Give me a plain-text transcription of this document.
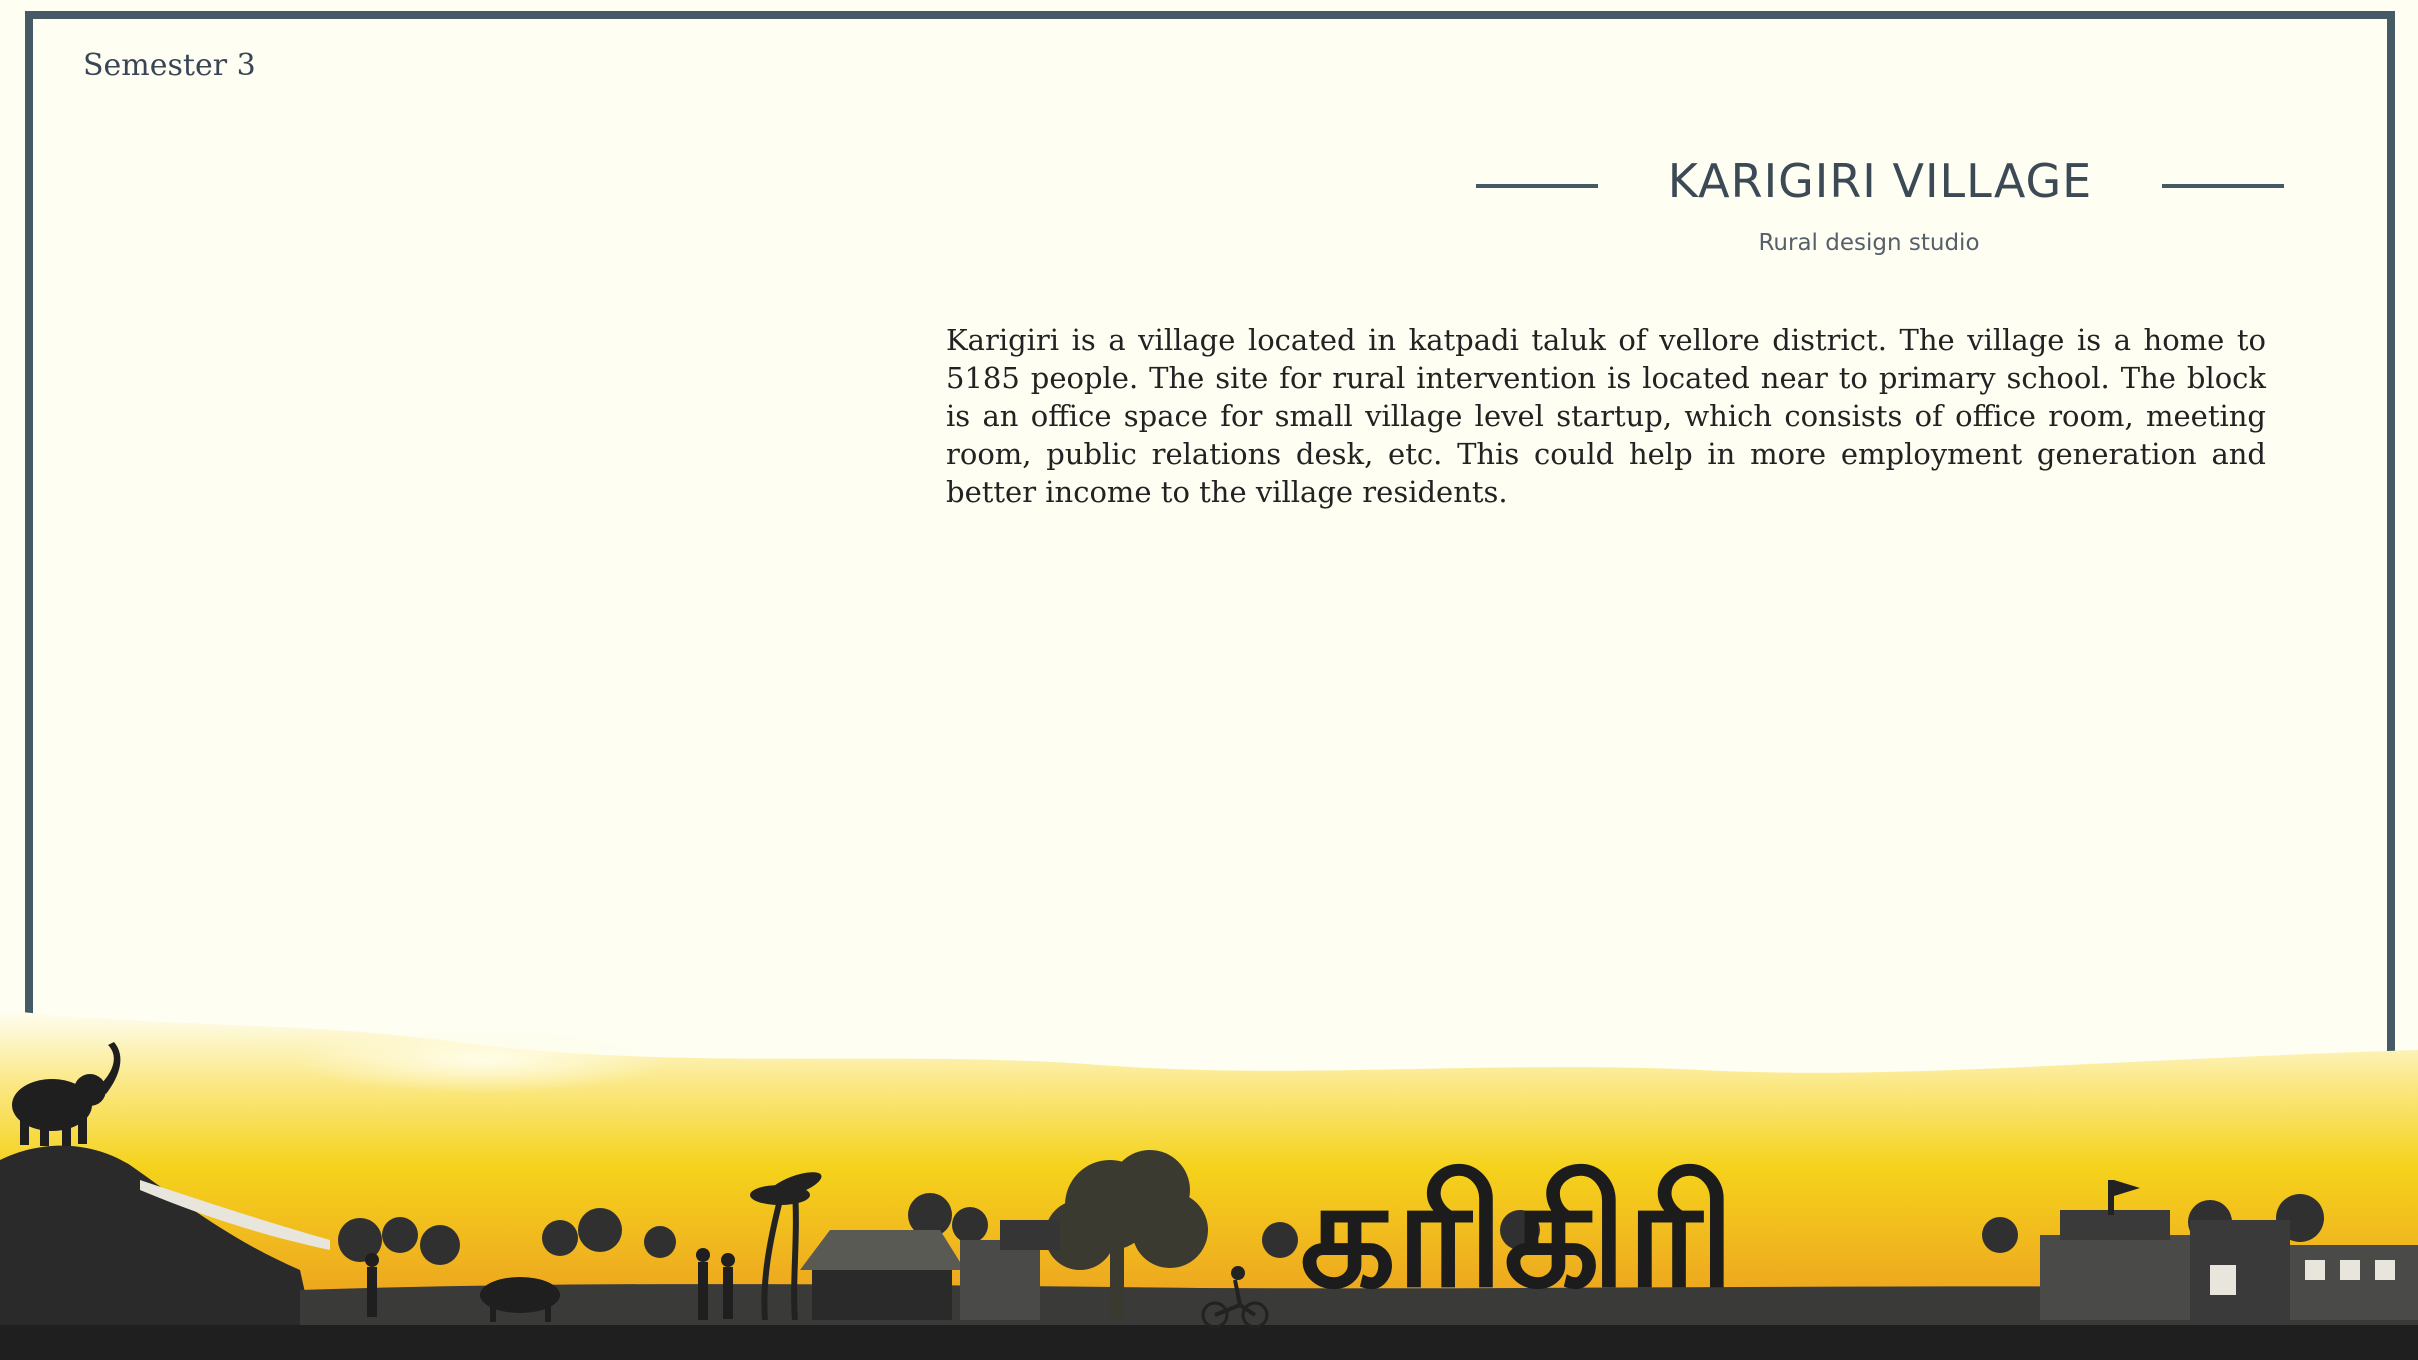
Semester 3
KARIGIRI VILLAGE
Rural design studio
Karigiri is a village located in katpadi taluk of vellore district. The village is a home to 5185 people. The site for rural intervention is located near to primary school. The block is an office space for small village level startup, which consists of office room, meeting room, public relations desk, etc. This could help in more employment generation and better income to the village residents.
கரிகிரி
